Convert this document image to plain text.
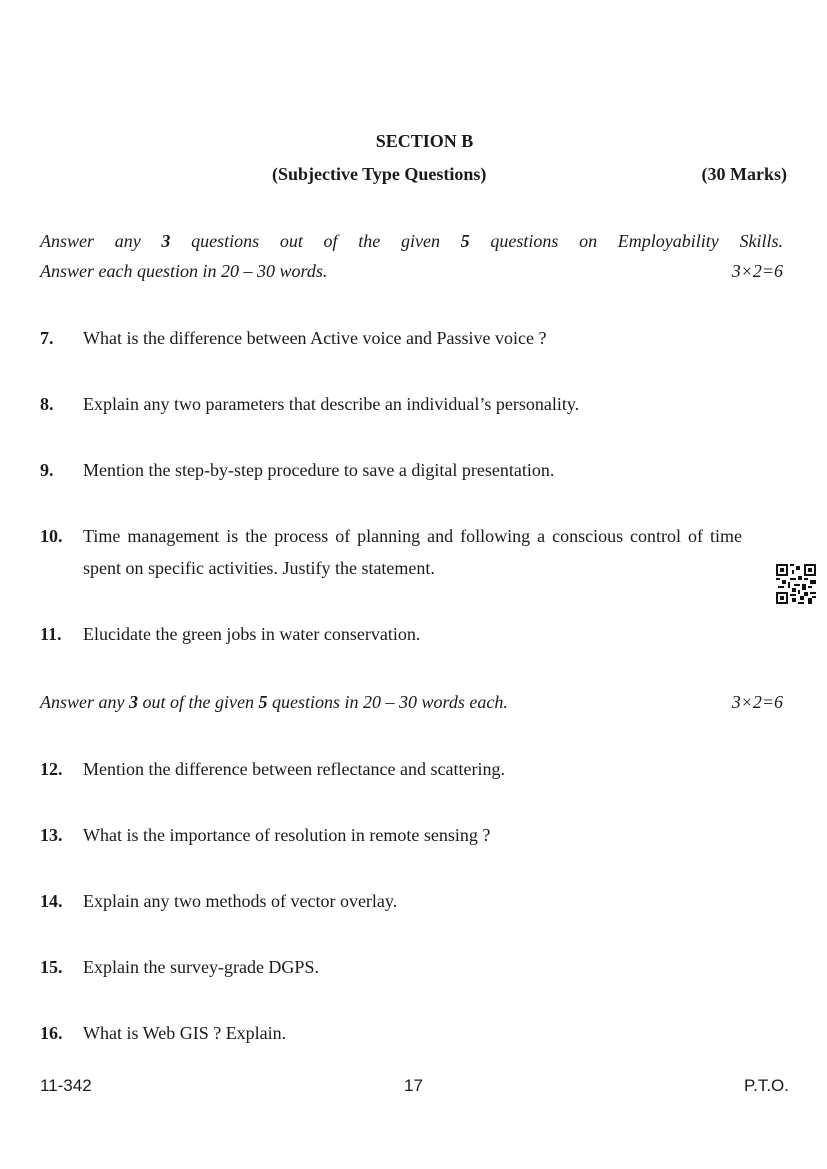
SECTION B
(Subjective Type Questions)	(30 Marks)
Answer any 3 questions out of the given 5 questions on Employability Skills.
Answer each question in 20 – 30 words.	3×2=6
7. What is the difference between Active voice and Passive voice ?
8. Explain any two parameters that describe an individual’s personality.
9. Mention the step-by-step procedure to save a digital presentation.
10. Time management is the process of planning and following a conscious control of time spent on specific activities. Justify the statement.
11. Elucidate the green jobs in water conservation.
Answer any 3 out of the given 5 questions in 20 – 30 words each.	3×2=6
12. Mention the difference between reflectance and scattering.
13. What is the importance of resolution in remote sensing ?
14. Explain any two methods of vector overlay.
15. Explain the survey-grade DGPS.
16. What is Web GIS ? Explain.
11-342	17	P.T.O.
